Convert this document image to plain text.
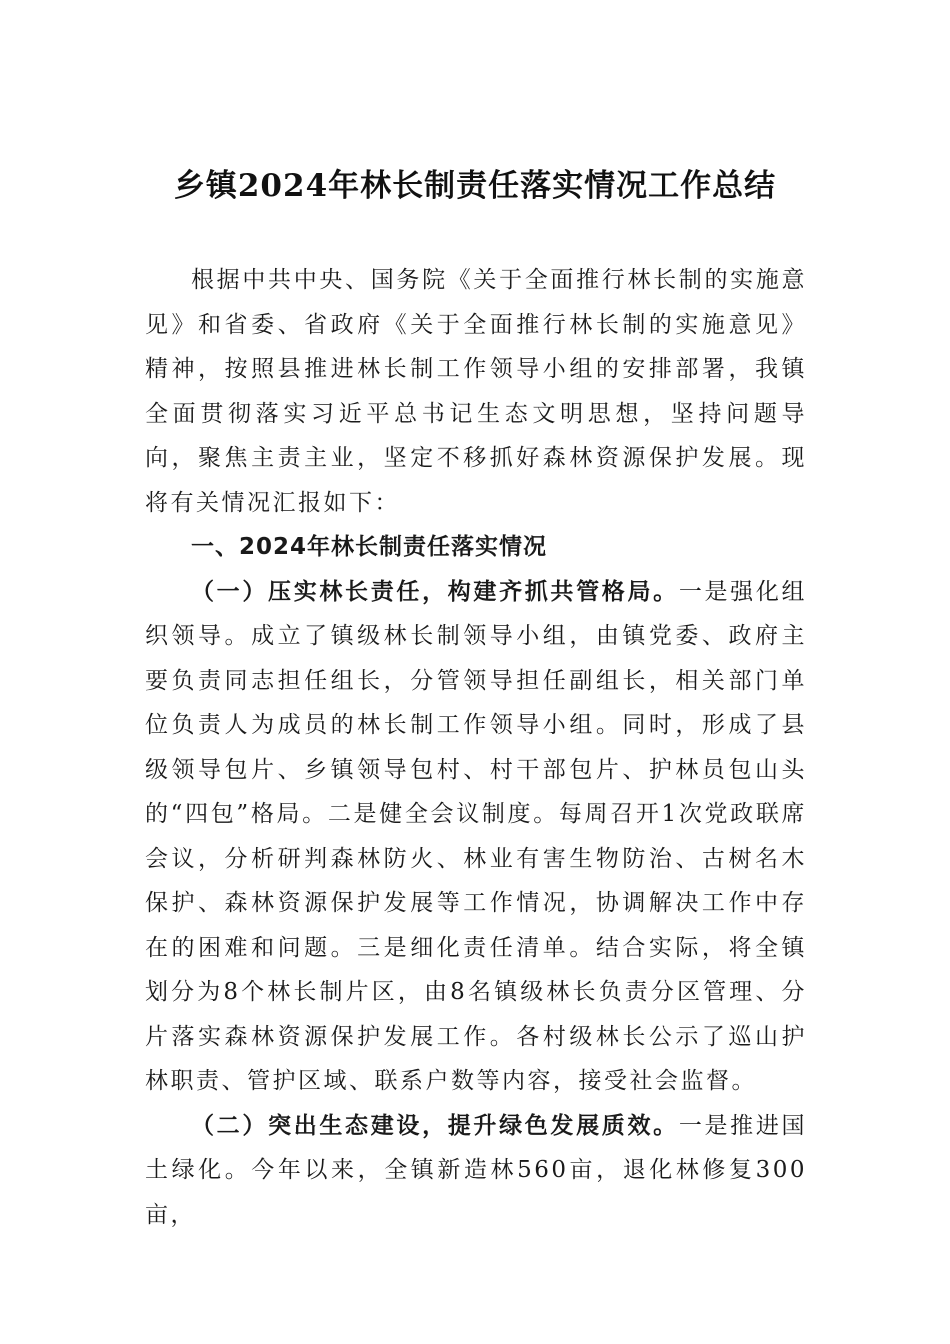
乡镇2024年林长制责任落实情况工作总结

根据中共中央、国务院《关于全面推行林长制的实施意见》和省委、省政府《关于全面推行林长制的实施意见》精神，按照县推进林长制工作领导小组的安排部署，我镇全面贯彻落实习近平总书记生态文明思想，坚持问题导向，聚焦主责主业，坚定不移抓好森林资源保护发展。现将有关情况汇报如下：

一、2024年林长制责任落实情况

（一）压实林长责任，构建齐抓共管格局。一是强化组织领导。成立了镇级林长制领导小组，由镇党委、政府主要负责同志担任组长，分管领导担任副组长，相关部门单位负责人为成员的林长制工作领导小组。同时，形成了县级领导包片、乡镇领导包村、村干部包片、护林员包山头的“四包”格局。二是健全会议制度。每周召开1次党政联席会议，分析研判森林防火、林业有害生物防治、古树名木保护、森林资源保护发展等工作情况，协调解决工作中存在的困难和问题。三是细化责任清单。结合实际，将全镇划分为8个林长制片区，由8名镇级林长负责分区管理、分片落实森林资源保护发展工作。各村级林长公示了巡山护林职责、管护区域、联系户数等内容，接受社会监督。

（二）突出生态建设，提升绿色发展质效。一是推进国土绿化。今年以来，全镇新造林560亩，退化林修复300亩，
